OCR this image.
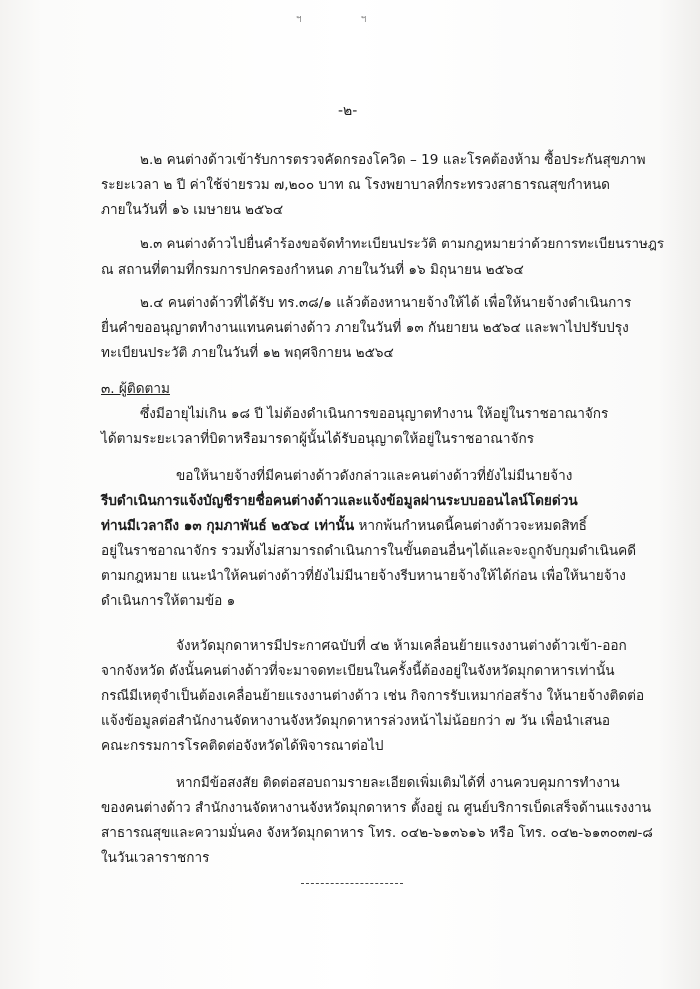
ฯ ฯ
-๒-
๒.๒ คนต่างด้าวเข้ารับการตรวจคัดกรองโควิด – 19 และโรคต้องห้าม ซื้อประกันสุขภาพ
ระยะเวลา ๒ ปี ค่าใช้จ่ายรวม ๗,๒๐๐ บาท ณ โรงพยาบาลที่กระทรวงสาธารณสุขกำหนด
ภายในวันที่ ๑๖ เมษายน ๒๕๖๔
๒.๓ คนต่างด้าวไปยื่นคำร้องขอจัดทำทะเบียนประวัติ ตามกฎหมายว่าด้วยการทะเบียนราษฎร
ณ สถานที่ตามที่กรมการปกครองกำหนด ภายในวันที่ ๑๖ มิถุนายน ๒๕๖๔
๒.๔ คนต่างด้าวที่ได้รับ ทร.๓๘/๑ แล้วต้องหานายจ้างให้ได้ เพื่อให้นายจ้างดำเนินการ
ยื่นคำขออนุญาตทำงานแทนคนต่างด้าว ภายในวันที่ ๑๓ กันยายน ๒๕๖๔ และพาไปปรับปรุง
ทะเบียนประวัติ ภายในวันที่ ๑๒ พฤศจิกายน ๒๕๖๔
๓. ผู้ติดตาม
ซึ่งมีอายุไม่เกิน ๑๘ ปี ไม่ต้องดำเนินการขออนุญาตทำงาน ให้อยู่ในราชอาณาจักร
ได้ตามระยะเวลาที่บิดาหรือมารดาผู้นั้นได้รับอนุญาตให้อยู่ในราชอาณาจักร
ขอให้นายจ้างที่มีคนต่างด้าวดังกล่าวและคนต่างด้าวที่ยังไม่มีนายจ้าง
รีบดำเนินการแจ้งบัญชีรายชื่อคนต่างด้าวและแจ้งข้อมูลผ่านระบบออนไลน์โดยด่วน
ท่านมีเวลาถึง ๑๓ กุมภาพันธ์ ๒๕๖๔ เท่านั้น หากพ้นกำหนดนี้คนต่างด้าวจะหมดสิทธิ์
อยู่ในราชอาณาจักร รวมทั้งไม่สามารถดำเนินการในขั้นตอนอื่นๆได้และจะถูกจับกุมดำเนินคดี
ตามกฎหมาย แนะนำให้คนต่างด้าวที่ยังไม่มีนายจ้างรีบหานายจ้างให้ได้ก่อน เพื่อให้นายจ้าง
ดำเนินการให้ตามข้อ ๑
จังหวัดมุกดาหารมีประกาศฉบับที่ ๔๒ ห้ามเคลื่อนย้ายแรงงานต่างด้าวเข้า-ออก
จากจังหวัด ดังนั้นคนต่างด้าวที่จะมาจดทะเบียนในครั้งนี้ต้องอยู่ในจังหวัดมุกดาหารเท่านั้น
กรณีมีเหตุจำเป็นต้องเคลื่อนย้ายแรงงานต่างด้าว เช่น กิจการรับเหมาก่อสร้าง ให้นายจ้างติดต่อ
แจ้งข้อมูลต่อสำนักงานจัดหางานจังหวัดมุกดาหารล่วงหน้าไม่น้อยกว่า ๗ วัน เพื่อนำเสนอ
คณะกรรมการโรคติดต่อจังหวัดได้พิจารณาต่อไป
หากมีข้อสงสัย ติดต่อสอบถามรายละเอียดเพิ่มเติมได้ที่ งานควบคุมการทำงาน
ของคนต่างด้าว สำนักงานจัดหางานจังหวัดมุกดาหาร ตั้งอยู่ ณ ศูนย์บริการเบ็ดเสร็จด้านแรงงาน
สาธารณสุขและความมั่นคง จังหวัดมุกดาหาร โทร. ๐๔๒-๖๑๓๖๑๖ หรือ โทร. ๐๔๒-๖๑๓๐๓๗-๘
ในวันเวลาราชการ
